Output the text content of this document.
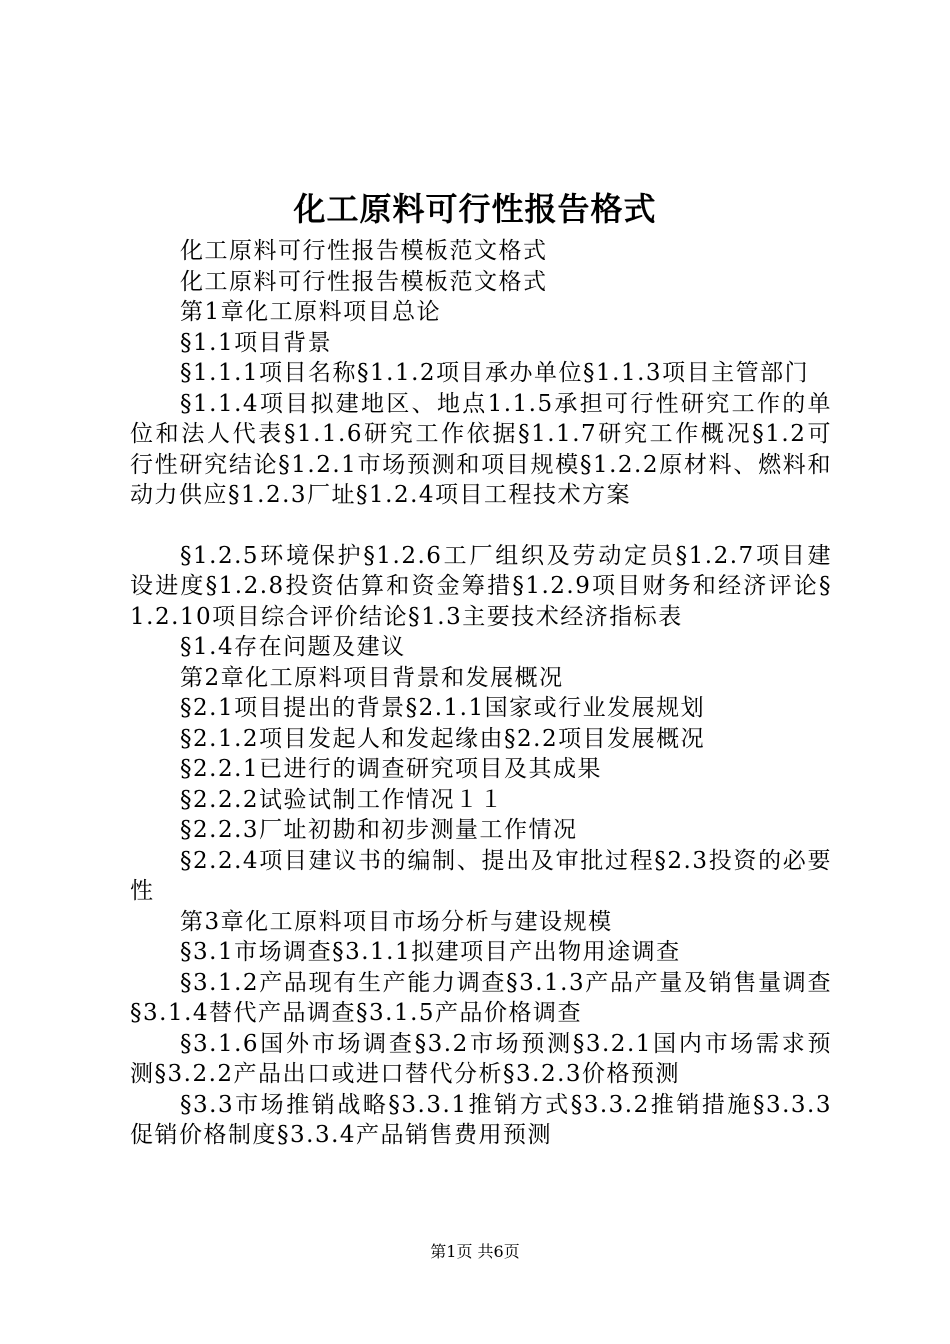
化工原料可行性报告格式

化工原料可行性报告模板范文格式

化工原料可行性报告模板范文格式

第1章化工原料项目总论

§1.1项目背景

§1.1.1项目名称§1.1.2项目承办单位§1.1.3项目主管部门

§1.1.4项目拟建地区、地点1.1.5承担可行性研究工作的单位和法人代表§1.1.6研究工作依据§1.1.7研究工作概况§1.2可行性研究结论§1.2.1市场预测和项目规模§1.2.2原材料、燃料和动力供应§1.2.3厂址§1.2.4项目工程技术方案

§1.2.5环境保护§1.2.6工厂组织及劳动定员§1.2.7项目建设进度§1.2.8投资估算和资金筹措§1.2.9项目财务和经济评论§1.2.10项目综合评价结论§1.3主要技术经济指标表

§1.4存在问题及建议

第2章化工原料项目背景和发展概况

§2.1项目提出的背景§2.1.1国家或行业发展规划

§2.1.2项目发起人和发起缘由§2.2项目发展概况

§2.2.1已进行的调查研究项目及其成果

§2.2.2试验试制工作情况１１

§2.2.3厂址初勘和初步测量工作情况

§2.2.4项目建议书的编制、提出及审批过程§2.3投资的必要性

第3章化工原料项目市场分析与建设规模

§3.1市场调查§3.1.1拟建项目产出物用途调查

§3.1.2产品现有生产能力调查§3.1.3产品产量及销售量调查§3.1.4替代产品调查§3.1.5产品价格调查

§3.1.6国外市场调查§3.2市场预测§3.2.1国内市场需求预测§3.2.2产品出口或进口替代分析§3.2.3价格预测

§3.3市场推销战略§3.3.1推销方式§3.3.2推销措施§3.3.3促销价格制度§3.3.4产品销售费用预测

第1页 共6页
